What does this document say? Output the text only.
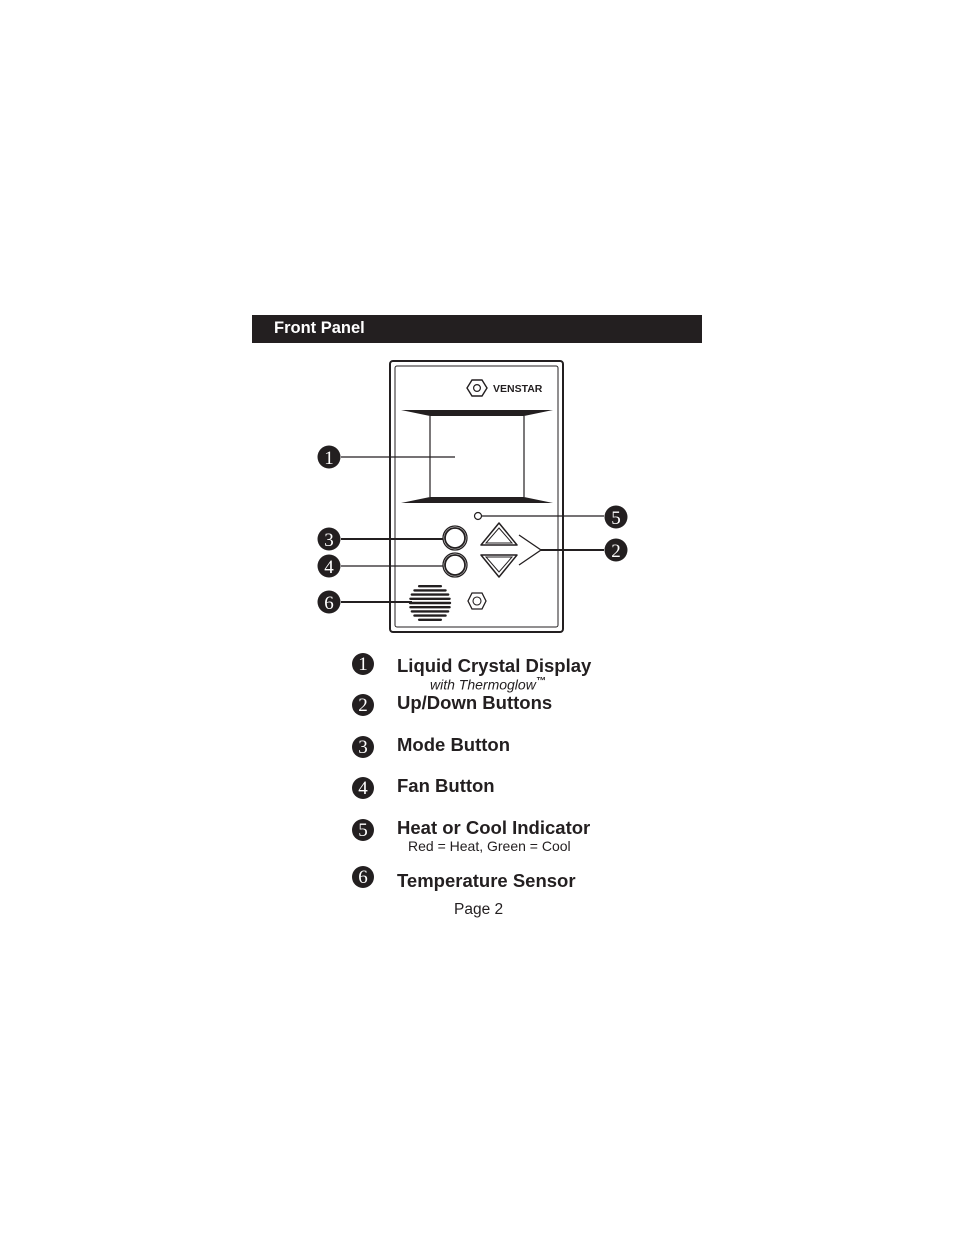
Front Panel
VENSTAR
1
3
4
6
5
2
1	Liquid Crystal Display
with Thermoglow™
2	Up/Down Buttons
3	Mode Button
4	Fan Button
5	Heat or Cool Indicator
Red = Heat, Green = Cool
6	Temperature Sensor
Page 2
